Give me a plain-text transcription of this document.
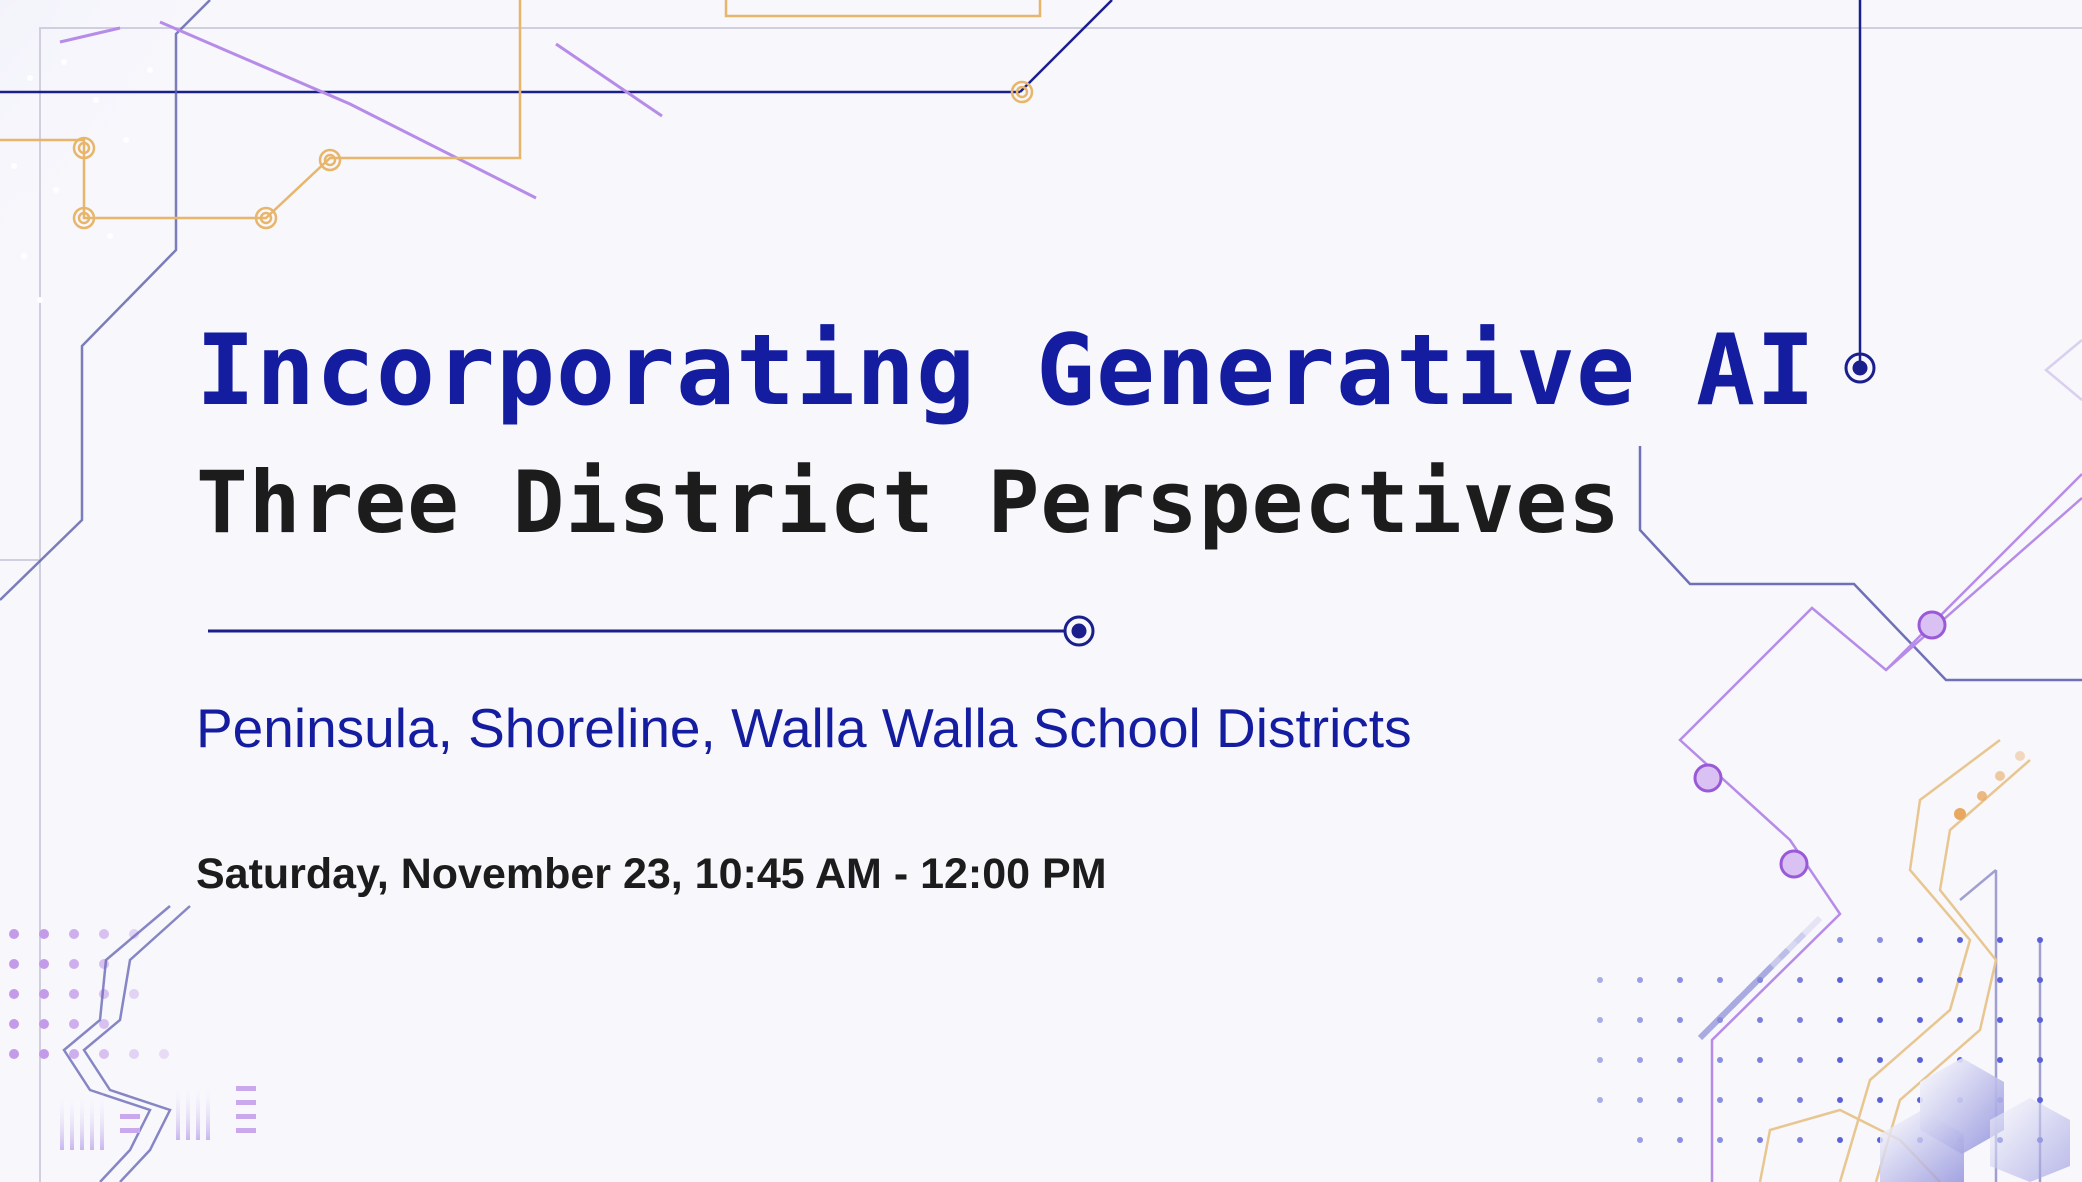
Incorporating Generative AI
Three District Perspectives

Peninsula, Shoreline, Walla Walla School Districts

Saturday, November 23, 10:45 AM - 12:00 PM
